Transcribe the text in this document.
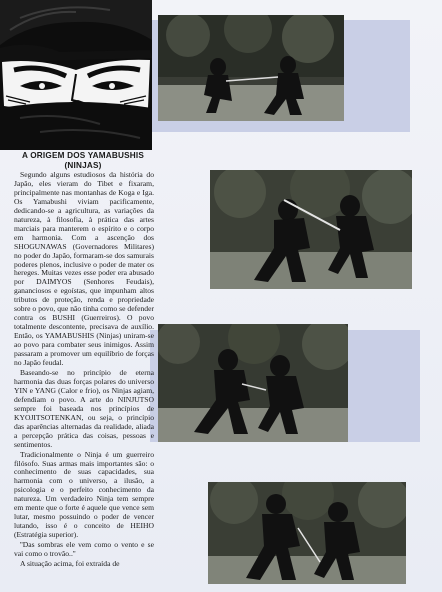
A ORIGEM DOS YAMABUSHIS (NINJAS)

Segundo alguns estudiosos da história do Japão, eles vieram do Tibet e fixaram, principalmente nas montanhas de Koga e Iga. Os Yamabushi viviam pacificamente, dedicando-se a agricultura, as variações da natureza, à filosofia, à prática das artes marciais para manterem o espírito e o corpo em harmonia. Com a ascenção dos SHOGUNAWAS (Governadores Militares) no poder do Japão, formaram-se dos samurais poderes plenos, inclusive o poder de mater os hereges. Muitas vezes esse poder era abusado por DAIMYOS (Senhores Feudais), gananciosos e egoístas, que impunham altos tributos de proteção, renda e propriedade sobre o povo, que não tinha como se defender contra os BUSHI (Guerreiros). O povo totalmente descontente, precisava de auxílio. Então, os YAMABUSHIS (Ninjas) uniram-se ao povo para combater seus inimigos. Assim passaram a promover um equilíbrio de forças no Japão feudal.

Baseando-se no princípio de eterna harmonia das duas forças polares do universo YIN e YANG (Calor e frio), os Ninjas agiam, defendiam o povo. A arte do NINJUTSO sempre foi baseada nos princípios de KYOJITSOTENKAN, ou seja, o princípio das aparências alternadas da realidade, aliada a percepção prática das coisas, pessoas e sentimentos.

Tradicionalmente o Ninja é um guerreiro filósofo. Suas armas mais importantes são: o conhecimento de suas capacidades, sua harmonia com o universo, a ilusão, a psicologia e o perfeito conhecimento da natureza. Um verdadeiro Ninja tem sempre em mente que o forte é aquele que vence sem lutar, mesmo possuindo o poder de vencer lutando, isso é o conceito de HEIHO (Estratégia superior).

''Das sombras ele vem como o vento e se vai como o trovão..''

A situação acima, foi extraída de
